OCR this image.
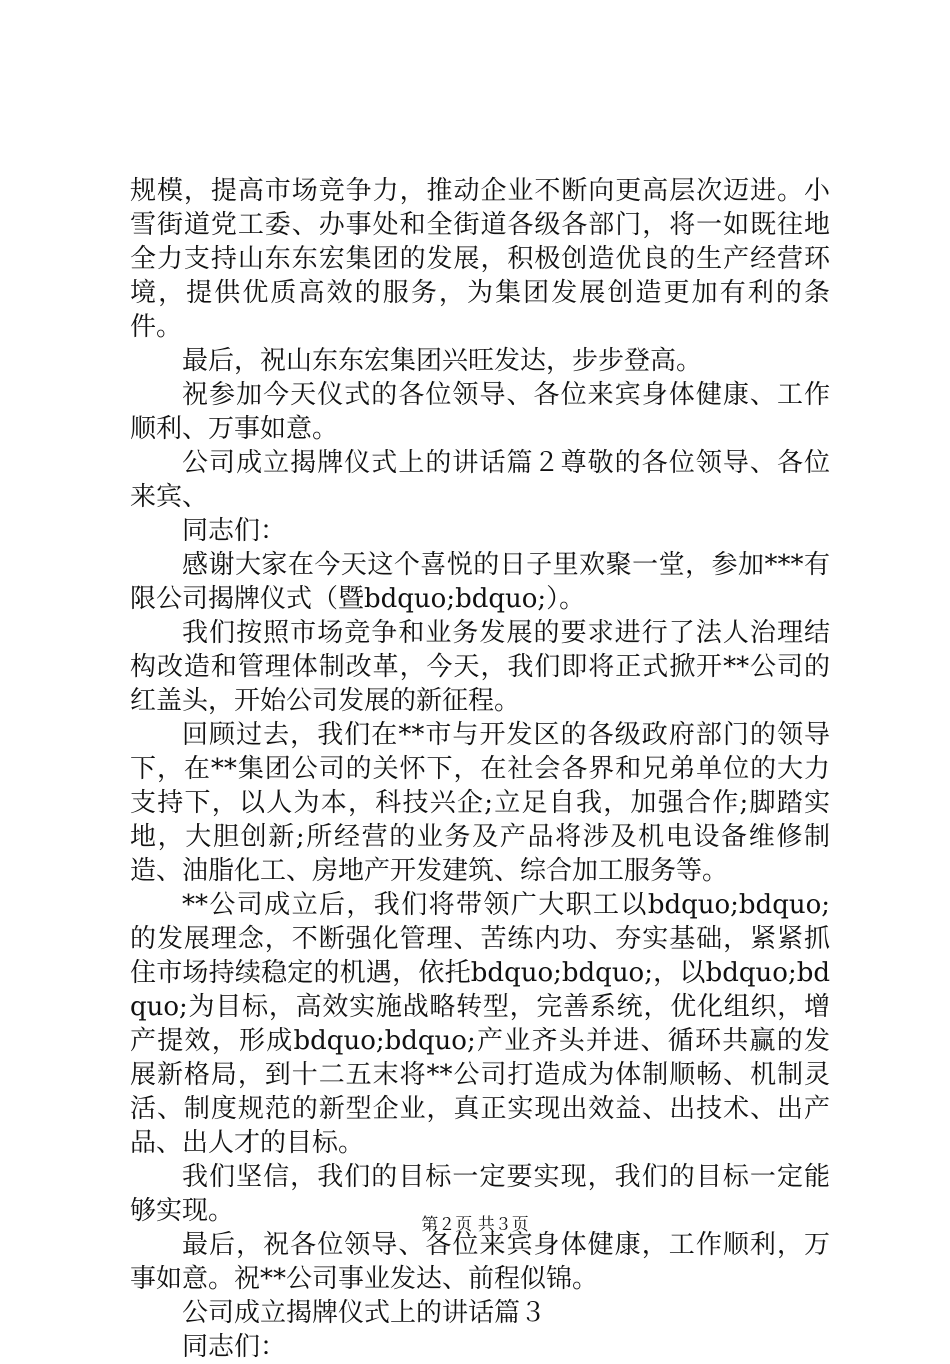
规模，提高市场竞争力，推动企业不断向更高层次迈进。小雪街道党工委、办事处和全街道各级各部门，将一如既往地全力支持山东东宏集团的发展，积极创造优良的生产经营环境，提供优质高效的服务，为集团发展创造更加有利的条件。

最后，祝山东东宏集团兴旺发达，步步登高。

祝参加今天仪式的各位领导、各位来宾身体健康、工作顺利、万事如意。

公司成立揭牌仪式上的讲话篇２尊敬的各位领导、各位来宾、

同志们：

感谢大家在今天这个喜悦的日子里欢聚一堂，参加***有限公司揭牌仪式（暨bdquo;bdquo;）。

我们按照市场竞争和业务发展的要求进行了法人治理结构改造和管理体制改革，今天，我们即将正式掀开**公司的红盖头，开始公司发展的新征程。

回顾过去，我们在**市与开发区的各级政府部门的领导下，在**集团公司的关怀下，在社会各界和兄弟单位的大力支持下，以人为本，科技兴企;立足自我，加强合作;脚踏实地，大胆创新;所经营的业务及产品将涉及机电设备维修制造、油脂化工、房地产开发建筑、综合加工服务等。

**公司成立后，我们将带领广大职工以bdquo;bdquo;的发展理念，不断强化管理、苦练内功、夯实基础，紧紧抓住市场持续稳定的机遇，依托bdquo;bdquo;，以bdquo;bdquo;为目标，高效实施战略转型，完善系统，优化组织，增产提效，形成bdquo;bdquo;产业齐头并进、循环共赢的发展新格局，到十二五末将**公司打造成为体制顺畅、机制灵活、制度规范的新型企业，真正实现出效益、出技术、出产品、出人才的目标。

我们坚信，我们的目标一定要实现，我们的目标一定能够实现。

最后，祝各位领导、各位来宾身体健康，工作顺利，万事如意。祝**公司事业发达、前程似锦。

公司成立揭牌仪式上的讲话篇３

同志们：

第２页 共３页
